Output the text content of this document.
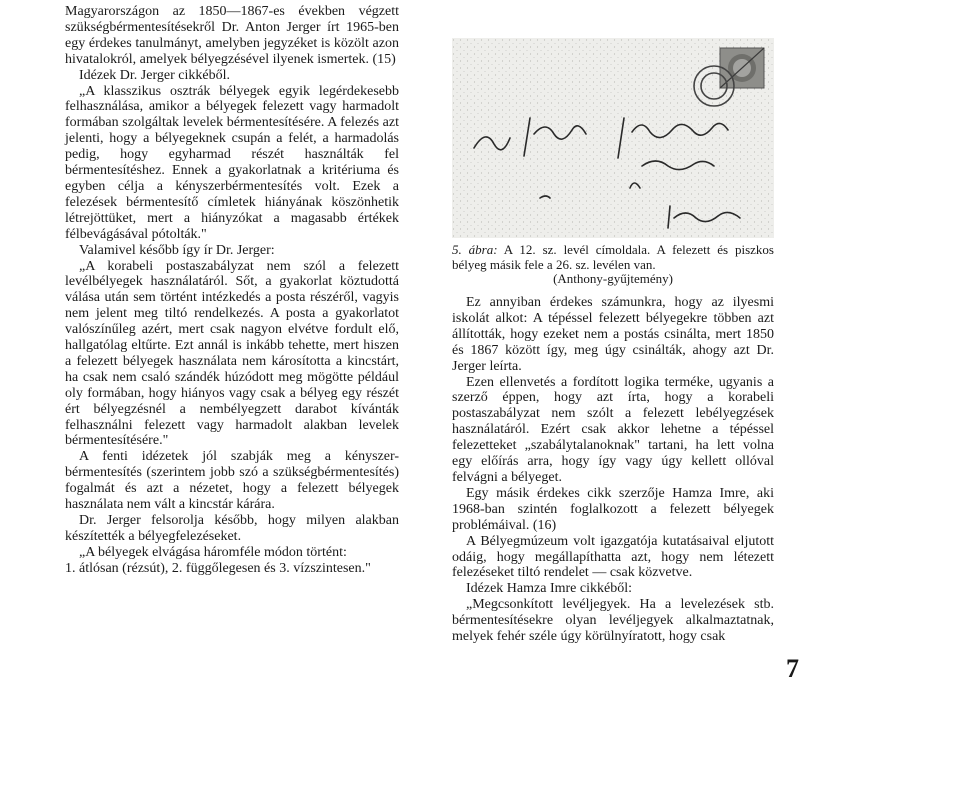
Magyarországon az 1850—1867-es években végzett szükségbérmentesítésekről Dr. Anton Jerger írt 1965-ben egy érdekes tanulmányt, amelyben jegyzéket is közölt azon hivatalokról, amelyek bélyegzésével ilyenek ismertek. (15)

Idézek Dr. Jerger cikkéből.

„A klasszikus osztrák bélyegek egyik legérdekesebb felhasználása, amikor a bélyegek felezett vagy harmadolt formában szolgáltak levelek bérmentesítésére. A felezés azt jelenti, hogy a bélyegeknek csupán a felét, a harmadolás pedig, hogy egyharmad részét használták fel bérmentesítéshez. Ennek a gyakorlatnak a kritériuma és egyben célja a kényszerbérmentesítés volt. Ezek a felezések bérmentesítő címletek hiányának köszönhetik létrejöttüket, mert a hiányzókat a magasabb értékek félbevágásával pótolták."

Valamivel később így ír Dr. Jerger:

„A korabeli postaszabályzat nem szól a felezett levélbélyegek használatáról. Sőt, a gyakorlat köztudottá válása után sem történt intézkedés a posta részéről, vagyis nem jelent meg tiltó rendelkezés. A posta a gyakorlatot valószínűleg azért, mert csak nagyon elvétve fordult elő, hallgatólag eltűrte. Ezt annál is inkább tehette, mert hiszen a felezett bélyegek használata nem károsította a kincstárt, ha csak nem csaló szándék húzódott meg mögötte például oly formában, hogy hiányos vagy csak a bélyeg egy részét ért bélyegzésnél a nembélyegzett darabot kívánták felhasználni felezett vagy harmadolt alakban levelek bérmentesítésére."

A fenti idézetek jól szabják meg a kényszer-bérmentesítés (szerintem jobb szó a szükségbérmentesítés) fogalmát és azt a nézetet, hogy a felezett bélyegek használata nem vált a kincstár kárára.

Dr. Jerger felsorolja később, hogy milyen alakban készítették a bélyegfelezéseket.

„A bélyegek elvágása háromféle módon történt:
1. átlósan (rézsút), 2. függőlegesen és 3. vízszintesen."

5. ábra: A 12. sz. levél címoldala. A felezett és piszkos bélyeg másik fele a 26. sz. levélen van.
(Anthony-gyűjtemény)

Ez annyiban érdekes számunkra, hogy az ilyesmi iskolát alkot: A tépéssel felezett bélyegekre többen azt állították, hogy ezeket nem a postás csinálta, mert 1850 és 1867 között így, meg úgy csinálták, ahogy azt Dr. Jerger leírta.

Ezen ellenvetés a fordított logika terméke, ugyanis a szerző éppen, hogy azt írta, hogy a korabeli postaszabályzat nem szólt a felezett lebélyegzések használatáról. Ezért csak akkor lehetne a tépéssel felezetteket „szabálytalanoknak" tartani, ha lett volna egy előírás arra, hogy így vagy úgy kellett ollóval felvágni a bélyeget.

Egy másik érdekes cikk szerzője Hamza Imre, aki 1968-ban szintén foglalkozott a felezett bélyegek problémáival. (16)

A Bélyegmúzeum volt igazgatója kutatásaival eljutott odáig, hogy megállapíthatta azt, hogy nem létezett felezéseket tiltó rendelet — csak közvetve.

Idézek Hamza Imre cikkéből:

„Megcsonkított levéljegyek. Ha a levelezések stb. bérmentesítésekre olyan levéljegyek alkalmaztatnak, melyek fehér széle úgy körülnyíratott, hogy csak

7
